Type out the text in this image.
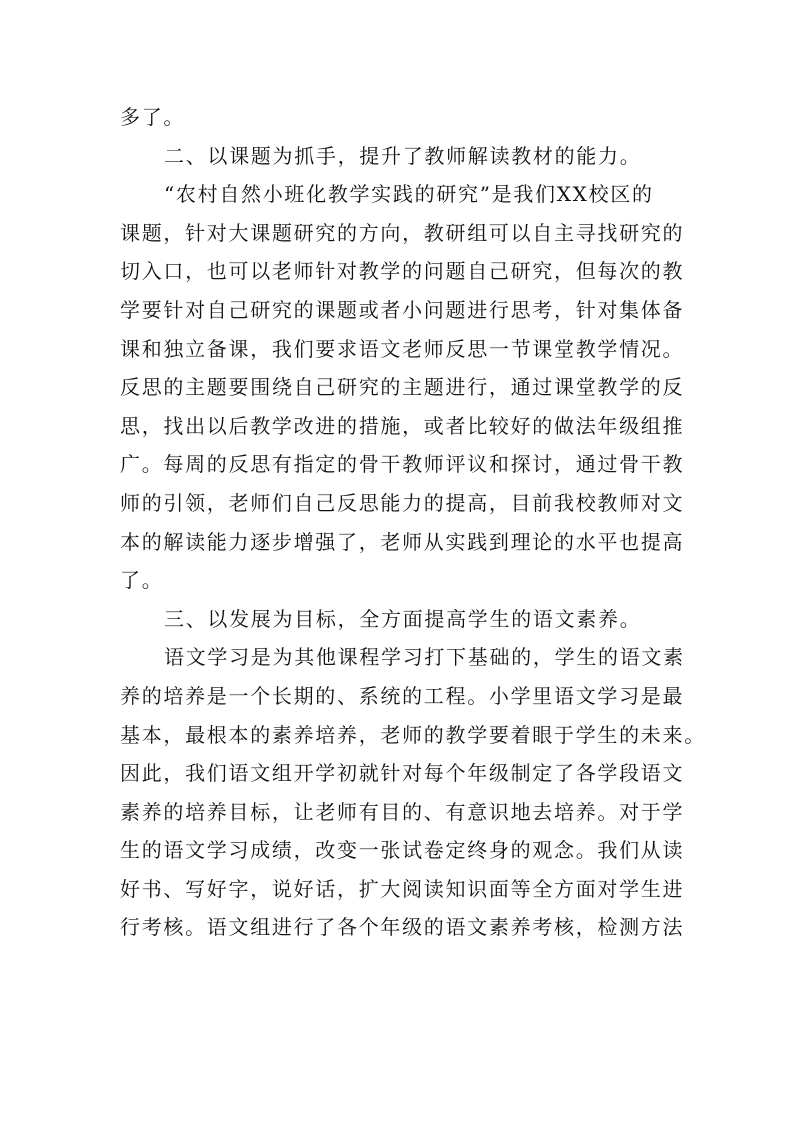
多了。
二、以课题为抓手，提升了教师解读教材的能力。
“农村自然小班化教学实践的研究”是我们XX校区的
课题，针对大课题研究的方向，教研组可以自主寻找研究的
切入口，也可以老师针对教学的问题自己研究，但每次的教
学要针对自己研究的课题或者小问题进行思考，针对集体备
课和独立备课，我们要求语文老师反思一节课堂教学情况。
反思的主题要围绕自己研究的主题进行，通过课堂教学的反
思，找出以后教学改进的措施，或者比较好的做法年级组推
广。每周的反思有指定的骨干教师评议和探讨，通过骨干教
师的引领，老师们自己反思能力的提高，目前我校教师对文
本的解读能力逐步增强了，老师从实践到理论的水平也提高
了。
三、以发展为目标，全方面提高学生的语文素养。
语文学习是为其他课程学习打下基础的，学生的语文素
养的培养是一个长期的、系统的工程。小学里语文学习是最
基本，最根本的素养培养，老师的教学要着眼于学生的未来。
因此，我们语文组开学初就针对每个年级制定了各学段语文
素养的培养目标，让老师有目的、有意识地去培养。对于学
生的语文学习成绩，改变一张试卷定终身的观念。我们从读
好书、写好字，说好话，扩大阅读知识面等全方面对学生进
行考核。语文组进行了各个年级的语文素养考核，检测方法
